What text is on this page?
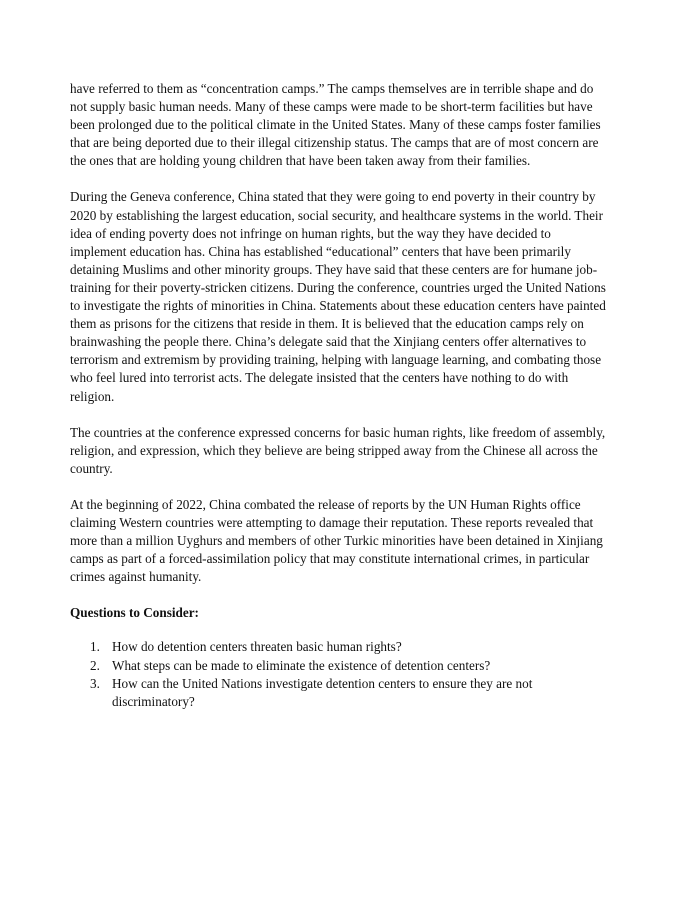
have referred to them as “concentration camps.” The camps themselves are in terrible shape and do not supply basic human needs. Many of these camps were made to be short-term facilities but have been prolonged due to the political climate in the United States. Many of these camps foster families that are being deported due to their illegal citizenship status. The camps that are of most concern are the ones that are holding young children that have been taken away from their families.

During the Geneva conference, China stated that they were going to end poverty in their country by 2020 by establishing the largest education, social security, and healthcare systems in the world. Their idea of ending poverty does not infringe on human rights, but the way they have decided to implement education has. China has established “educational” centers that have been primarily detaining Muslims and other minority groups. They have said that these centers are for humane job-training for their poverty-stricken citizens. During the conference, countries urged the United Nations to investigate the rights of minorities in China. Statements about these education centers have painted them as prisons for the citizens that reside in them. It is believed that the education camps rely on brainwashing the people there. China’s delegate said that the Xinjiang centers offer alternatives to terrorism and extremism by providing training, helping with language learning, and combating those who feel lured into terrorist acts. The delegate insisted that the centers have nothing to do with religion.

The countries at the conference expressed concerns for basic human rights, like freedom of assembly, religion, and expression, which they believe are being stripped away from the Chinese all across the country.

At the beginning of 2022, China combated the release of reports by the UN Human Rights office claiming Western countries were attempting to damage their reputation. These reports revealed that more than a million Uyghurs and members of other Turkic minorities have been detained in Xinjiang camps as part of a forced-assimilation policy that may constitute international crimes, in particular crimes against humanity.

Questions to Consider:

1. How do detention centers threaten basic human rights?
2. What steps can be made to eliminate the existence of detention centers?
3. How can the United Nations investigate detention centers to ensure they are not discriminatory?
